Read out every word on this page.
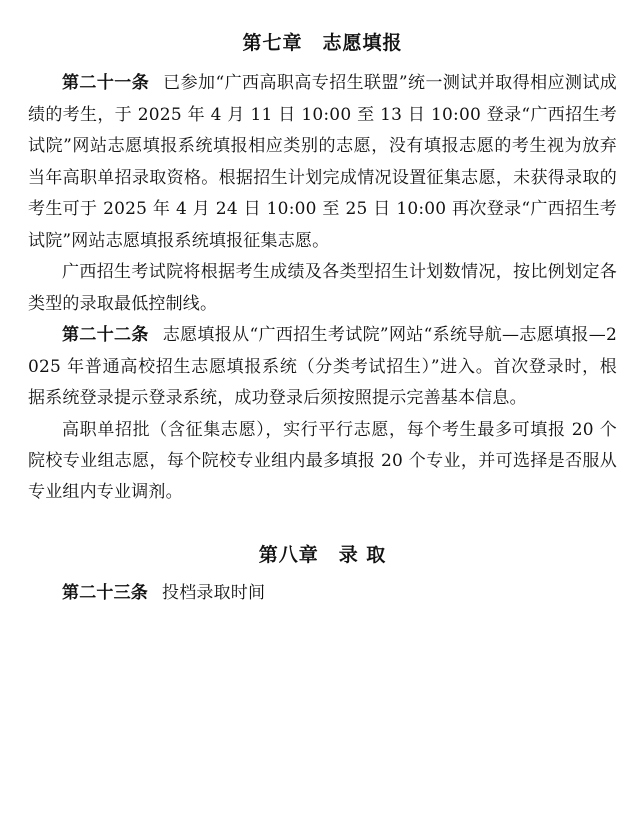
第七章　志愿填报

第二十一条 已参加“广西高职高专招生联盟”统一测试并取得相应测试成绩的考生，于 2025 年 4 月 11 日 10:00 至 13 日 10:00 登录“广西招生考试院”网站志愿填报系统填报相应类别的志愿，没有填报志愿的考生视为放弃当年高职单招录取资格。根据招生计划完成情况设置征集志愿，未获得录取的考生可于 2025 年 4 月 24 日 10:00 至 25 日 10:00 再次登录“广西招生考试院”网站志愿填报系统填报征集志愿。

广西招生考试院将根据考生成绩及各类型招生计划数情况，按比例划定各类型的录取最低控制线。

第二十二条 志愿填报从“广西招生考试院”网站“系统导航—志愿填报—2025 年普通高校招生志愿填报系统（分类考试招生）”进入。首次登录时，根据系统登录提示登录系统，成功登录后须按照提示完善基本信息。

高职单招批（含征集志愿），实行平行志愿，每个考生最多可填报 20 个院校专业组志愿，每个院校专业组内最多填报 20 个专业，并可选择是否服从专业组内专业调剂。

第八章　录 取

第二十三条 投档录取时间
